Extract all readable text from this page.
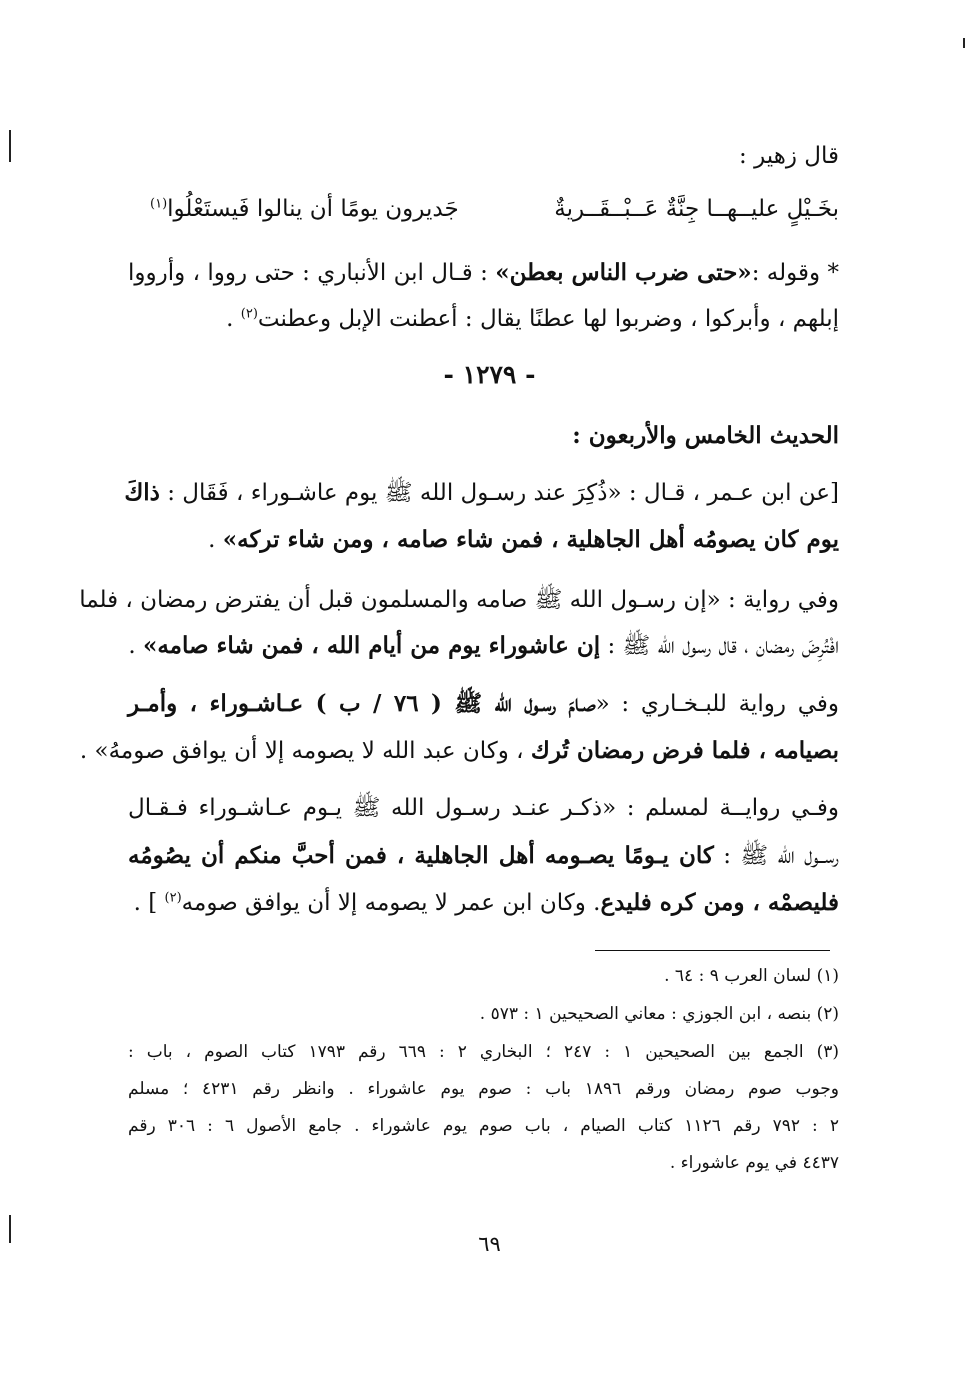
قال زهير :
بخَـيْلٍ عليــهــا جِنَّةٌ عَــبْــقَــريةٌ
جَديرون يومًا أن ينالوا فَيستَعْلُوا$^{(١)}$
* وقوله :«حتى ضرب الناس بعطن» : قـال ابن الأنباري : حتى رووا ، وأرووا
إبلهم ، وأبركوا ، وضربوا لها عطنًا يقال : أعطنت الإبل وعطنت$^{(٢)}$ .
- ١٢٧٩ -
الحديث الخامس والأربعون :
[عن ابن عـمر ، قـال : «ذُكِرَ عند رسـول الله ﷺ يوم عاشـوراء ، فَقَال : ذاكَ
يوم كان يصومُه أهل الجاهلية ، فمن شاء صامه ، ومن شاء تركه» .
وفي رواية : «إن رسـول الله ﷺ صامه والمسلمون قبل أن يفترض رمضان ، فلما
افْتُرِضَ رمضان ، قال رسول الله ﷺ : إن عاشوراء يوم من أيام الله ، فمن شاء صامه» .
وفي رواية للبـخـاري : «صـامَ رسـول الله ﷺ ( ٧٦ / ب ) عـاشـوراء ، وأمـر
بصيامه ، فلما فرض رمضان تُرك ، وكان عبد الله لا يصومه إلا أن يوافق صومهُ» .
وفـي روايــة لمسلم : «ذكـر عنـد رسـول الله ﷺ يـوم عـاشـوراء فـقـال
رســول الله ﷺ : كان يـومًا يصـومه أهل الجاهلية ، فمن أحبَّ منكم أن يصُومُه
فليصمْه ، ومن كره فليدع. وكان ابن عمر لا يصومه إلا أن يوافق صومه$^{(٢)}$ ] .
(١) لسان العرب ٩ : ٦٤ .
(٢) بنصه ، ابن الجوزي : معاني الصحيحين ١ : ٥٧٣ .
(٣) الجمع بين الصحيحين ١ : ٢٤٧ ؛ البخاري ٢ : ٦٦٩ رقم ١٧٩٣ كتاب الصوم ، باب :
وجوب صوم رمضان ورقم ١٨٩٦ باب : صوم يوم عاشوراء . وانظر رقم ٤٢٣١ ؛ مسلم
٢ : ٧٩٢ رقم ١١٢٦ كتاب الصيام ، باب صوم يوم عاشوراء . جامع الأصول ٦ : ٣٠٦ رقم
٤٤٣٧ في يوم عاشوراء .
٦٩
